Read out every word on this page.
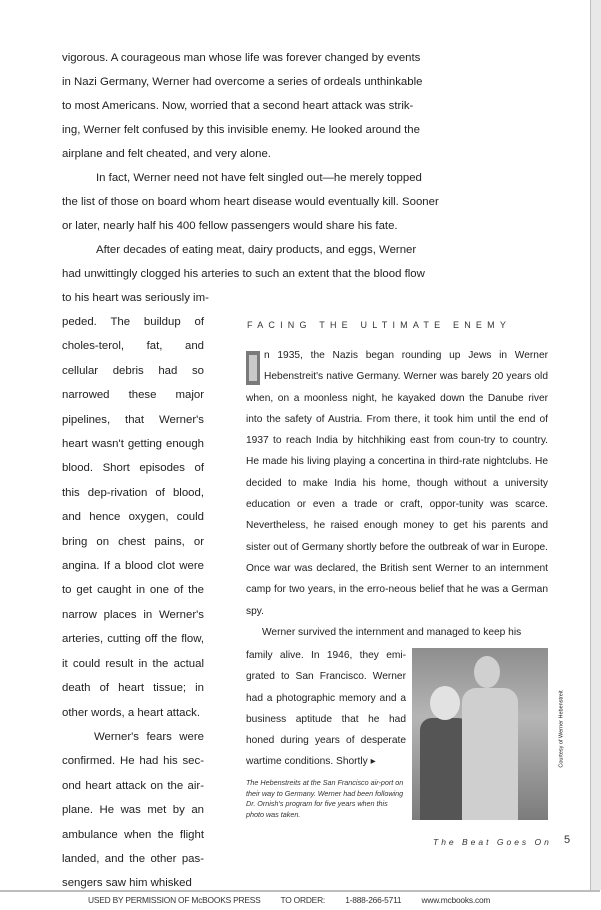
vigorous. A courageous man whose life was forever changed by events
in Nazi Germany, Werner had overcome a series of ordeals unthinkable
to most Americans. Now, worried that a second heart attack was strik-
ing, Werner felt confused by this invisible enemy. He looked around the
airplane and felt cheated, and very alone.
In fact, Werner need not have felt singled out—he merely topped
the list of those on board whom heart disease would eventually kill. Sooner
or later, nearly half his 400 fellow passengers would share his fate.
After decades of eating meat, dairy products, and eggs, Werner
had unwittingly clogged his arteries to such an extent that the blood flow
to his heart was seriously im-

peded. The buildup of choles-terol, fat, and cellular debris had so narrowed these major pipelines, that Werner's heart wasn't getting enough blood. Short episodes of this dep-rivation of blood, and hence oxygen, could bring on chest pains, or angina. If a blood clot were to get caught in one of the narrow places in Werner's arteries, cutting off the flow, it could result in the actual death of heart tissue; in other words, a heart attack.

Werner's fears were confirmed. He had his sec-ond heart attack on the air-plane. He was met by an ambulance when the flight landed, and the other pas-sengers saw him whisked

FACING THE ULTIMATE ENEMY

n 1935, the Nazis began rounding up Jews in Werner Hebenstreit's native Germany. Werner was barely 20 years old when, on a moonless night, he kayaked down the Danube river into the safety of Austria. From there, it took him until the end of 1937 to reach India by hitchhiking east from coun-try to country. He made his living playing a concertina in third-rate nightclubs. He decided to make India his home, though without a university education or even a trade or craft, oppor-tunity was scarce. Nevertheless, he raised enough money to get his parents and sister out of Germany shortly before the outbreak of war in Europe. Once war was declared, the British sent Werner to an internment camp for two years, in the erro-neous belief that he was a German spy.

Werner survived the internment and managed to keep his

family alive. In 1946, they emi-grated to San Francisco. Werner had a photographic memory and a business aptitude that he had honed during years of desperate wartime conditions. Shortly ▸	Courtesy of Werner Hebenstreit
The Hebenstreits at the San Francisco air-port on their way to Germany. Werner had been following Dr. Ornish's program for five years when this photo was taken.
The Beat Goes On 5
USED BY PERMISSION OF McBOOKS PRESS TO ORDER: 1-888-266-5711 www.mcbooks.com
